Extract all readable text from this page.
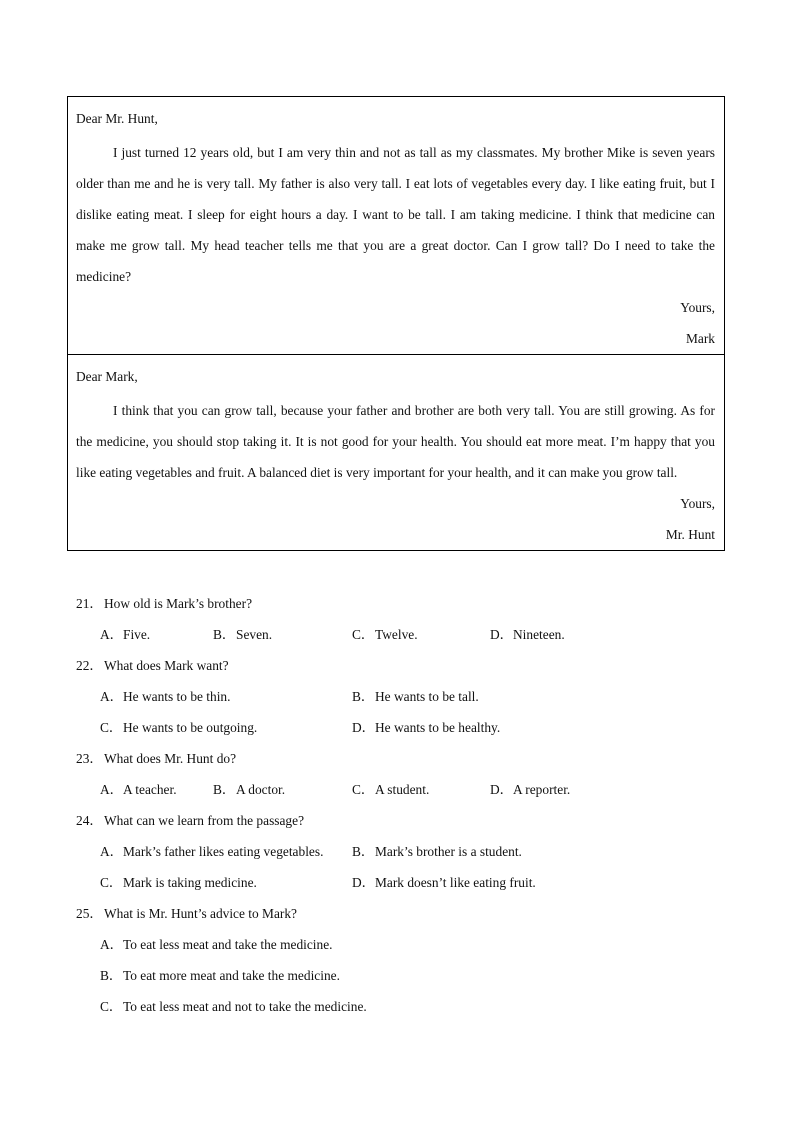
Dear Mr. Hunt,

I just turned 12 years old, but I am very thin and not as tall as my classmates. My brother Mike is seven years older than me and he is very tall. My father is also very tall. I eat lots of vegetables every day. I like eating fruit, but I dislike eating meat. I sleep for eight hours a day. I want to be tall. I am taking medicine. I think that medicine can make me grow tall. My head teacher tells me that you are a great doctor. Can I grow tall? Do I need to take the medicine?

Yours,

Mark

Dear Mark,

I think that you can grow tall, because your father and brother are both very tall. You are still growing. As for the medicine, you should stop taking it. It is not good for your health. You should eat more meat. I’m happy that you like eating vegetables and fruit. A balanced diet is very important for your health, and it can make you grow tall.

Yours,

Mr. Hunt

21．How old is Mark’s brother?
A．Five.	B．Seven.	C．Twelve.	D．Nineteen.
22．What does Mark want?
A．He wants to be thin.	B．He wants to be tall.
C．He wants to be outgoing.	D．He wants to be healthy.
23．What does Mr. Hunt do?
A．A teacher.	B．A doctor.	C．A student.	D．A reporter.
24．What can we learn from the passage?
A．Mark’s father likes eating vegetables. B．Mark’s brother is a student.
C．Mark is taking medicine.	D．Mark doesn’t like eating fruit.
25．What is Mr. Hunt’s advice to Mark?
A．To eat less meat and take the medicine.
B．To eat more meat and take the medicine.
C．To eat less meat and not to take the medicine.
